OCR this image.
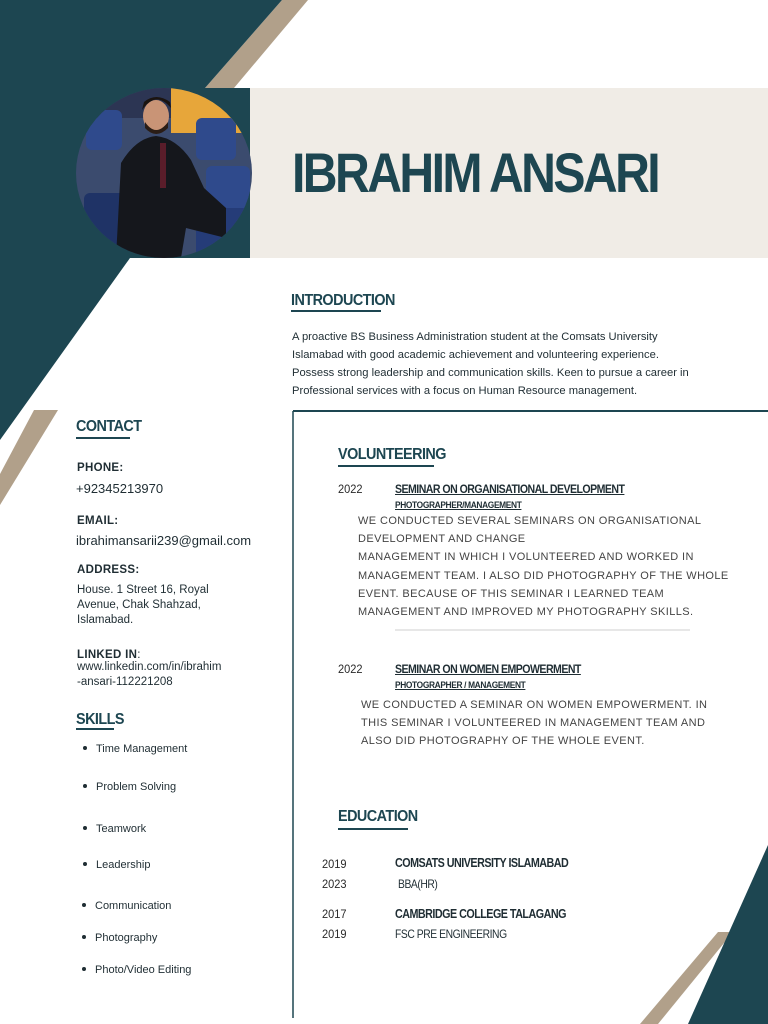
IBRAHIM ANSARI
INTRODUCTION
A proactive BS Business Administration student at the Comsats University
Islamabad with good academic achievement and volunteering experience.
Possess strong leadership and communication skills. Keen to pursue a career in
Professional services with a focus on Human Resource management.
CONTACT
PHONE:
+92345213970
EMAIL:
ibrahimansarii239@gmail.com
ADDRESS:
House. 1 Street 16, Royal
Avenue, Chak Shahzad,
Islamabad.
LINKED IN:
www.linkedin.com/in/ibrahim
-ansari-112221208
SKILLS
Time Management
Problem Solving
Teamwork
Leadership
Communication
Photography
Photo/Video Editing
VOLUNTEERING
2022	SEMINAR ON ORGANISATIONAL DEVELOPMENT
PHOTOGRAPHER/MANAGEMENT
WE CONDUCTED SEVERAL SEMINARS ON ORGANISATIONAL
DEVELOPMENT AND CHANGE
MANAGEMENT IN WHICH I VOLUNTEERED AND WORKED IN
MANAGEMENT TEAM. I ALSO DID PHOTOGRAPHY OF THE WHOLE
EVENT. BECAUSE OF THIS SEMINAR I LEARNED TEAM
MANAGEMENT AND IMPROVED MY PHOTOGRAPHY SKILLS.
2022	SEMINAR ON WOMEN EMPOWERMENT
PHOTOGRAPHER / MANAGEMENT
WE CONDUCTED A SEMINAR ON WOMEN EMPOWERMENT. IN
THIS SEMINAR I VOLUNTEERED IN MANAGEMENT TEAM AND
ALSO DID PHOTOGRAPHY OF THE WHOLE EVENT.
EDUCATION
2019
2023
COMSATS UNIVERSITY ISLAMABAD
BBA(HR)
2017
2019
CAMBRIDGE COLLEGE TALAGANG
FSC PRE ENGINEERING
